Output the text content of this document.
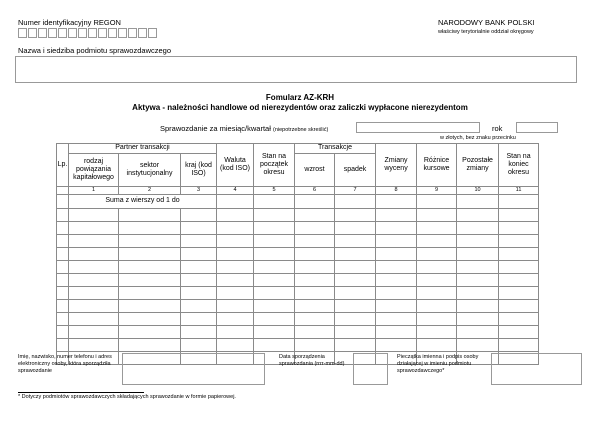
Numer identyfikacyjny REGON	NARODOWY BANK POLSKI
właściwy terytorialnie oddział okręgowy
Nazwa i siedziba podmiotu sprawozdawczego
Fomularz AZ-KRH
Aktywa - należności handlowe od nierezydentów oraz zaliczki wypłacone nierezydentom
Sprawozdanie za miesiąc/kwartał (niepotrzebne skreślić)	rok
w złotych, bez znaku przecinku
Lp.	Partner transakcji			Waluta (kod ISO)	Stan na początek okresu	Transakcje		Zmiany wyceny	Różnice kursowe	Pozostałe zmiany	Stan na koniec okresu
	rodzaj powiązania kapitałowego	sektor instytucjonalny	kraj (kod ISO)			wzrost	spadek				
	1	2	3	4	5	6	7	8	9	10	11
	Suma z wierszy od 1 do										

Imię, nazwisko, numer telefonu i adres elektroniczny osoby, która sporządziła sprawozdanie
Data sporządzenia sprawozdania (rrrr-mm-dd)
Pieczątka imienna i podpis osoby działającej w imieniu podmiotu sprawozdawczego*
* Dotyczy podmiotów sprawozdawczych składających sprawozdanie w formie papierowej.
